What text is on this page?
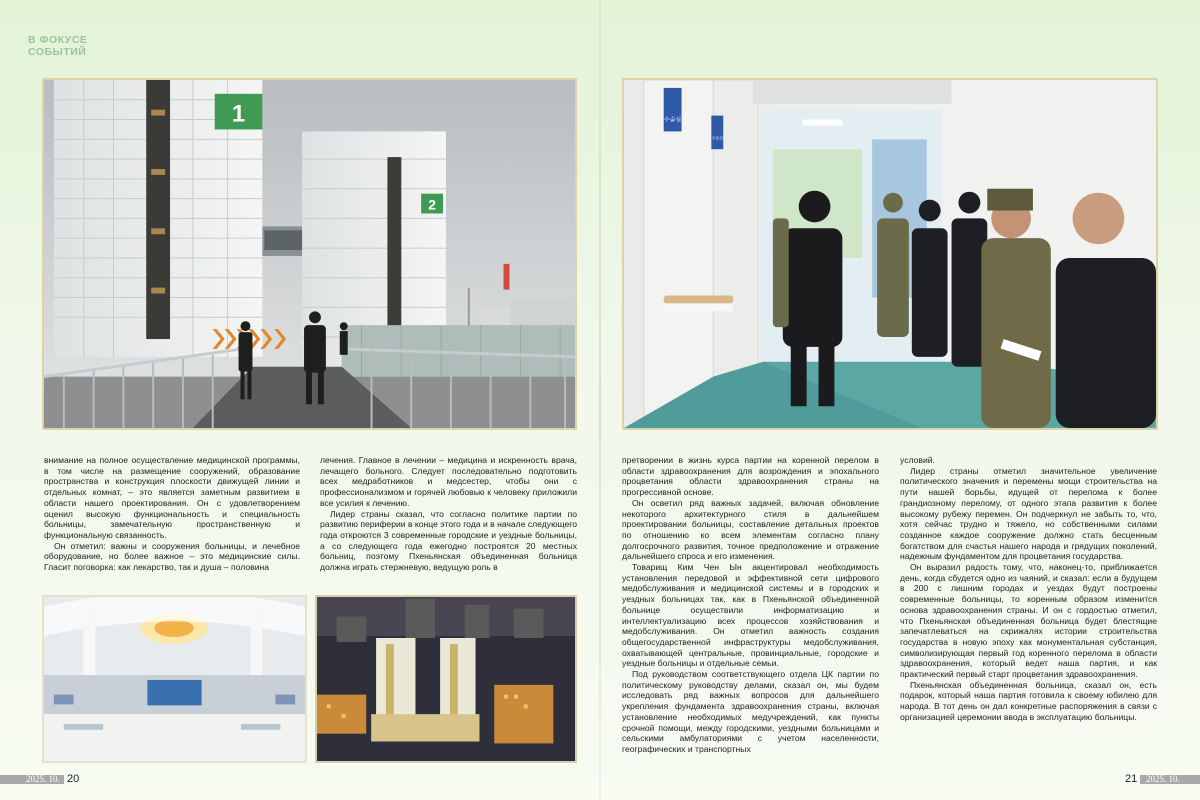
В ФОКУСЕ
СОБЫТИЙ
1
2
수술실
수술실

внимание на полное осуществление медицинской программы, в том числе на размещение сооружений, образование пространства и конструкция плоскости движущей линии и отдельных комнат, – это является заметным развитием в области нашего проектирования. Он с удовлетворением оценил высокую функциональность и специальность больницы, замечательную пространственную и функциональную связанность.

Он отметил: важны и сооружения больницы, и лечебное оборудование, но более важное – это медицинские силы. Гласит поговорка: как лекарство, так и душа – половина

лечения. Главное в лечении – медицина и искренность врача, лечащего больного. Следует последовательно подготовить всех медработников и медсестер, чтобы они с профессионализмом и горячей любовью к человеку приложили все усилия к лечению.

Лидер страны сказал, что согласно политике партии по развитию периферии в конце этого года и в начале следующего года откроются 3 современные городские и уездные больницы, а со следующего года ежегодно построятся 20 местных больниц, поэтому Пхеньянская объединенная больница должна играть стержневую, ведущую роль в

претворении в жизнь курса партии на коренной перелом в области здравоохранения для возрождения и эпохального процветания области здравоохранения страны на прогрессивной основе.

Он осветил ряд важных задачей, включая обновление некоторого архитектурного стиля в дальнейшем проектировании больницы, составление детальных проектов по отношению ко всем элементам согласно плану долгосрочного развития, точное предположение и отражение дальнейшего спроса и его изменения.

Товарищ Ким Чен Ын акцентировал необходимость установления передовой и эффективной сети цифрового медобслуживания и медицинской системы и в городских и уездных больницах так, как в Пхеньянской объединенной больнице осуществили информатизацию и интеллектуализацию всех процессов хозяйствования и медобслуживания. Он отметил важность создания общегосударственной инфраструктуры медобслуживания, охватывающей центральные, провинциальные, городские и уездные больницы и отдельные семьи.

Под руководством соответствующего отдела ЦК партии по политическому руководству делами, сказал он, мы будем исследовать ряд важных вопросов для дальнейшего укрепления фундамента здравоохранения страны, включая установление необходимых медучреждений, как пункты срочной помощи, между городскими, уездными больницами и сельскими амбулаториями с учетом населенности, географических и транспортных

условий.

Лидер страны отметил значительное увеличение политического значения и перемены мощи строительства на пути нашей борьбы, идущей от перелома к более грандиозному перелому, от одного этапа развития к более высокому рубежу перемен. Он подчеркнул не забыть то, что, хотя сейчас трудно и тяжело, но собственными силами созданное каждое сооружение должно стать бесценным богатством для счастья нашего народа и грядущих поколений, надежным фундаментом для процветания государства.

Он выразил радость тому, что, наконец-то, приближается день, когда сбудется одно из чаяний, и сказал: если в будущем в 200 с лишним городах и уездах будут построены современные больницы, то коренным образом изменится основа здравоохранения страны. И он с гордостью отметил, что Пхеньянская объединенная больница будет блестящие запечатлеваться на скрижалях истории строительства государства в новую эпоху как монументальная субстанция, символизирующая первый год коренного перелома в области здравоохранения, который ведет наша партия, и как практический первый старт процветания здравоохранения.

Пхеньянская объединенная больница, сказал он, есть подарок, который наша партия готовила к своему юбилею для народа. В тот день он дал конкретные распоряжения в связи с организацией церемонии ввода в эксплуатацию больницы.

2025. 10. 20	21 2025. 10.
